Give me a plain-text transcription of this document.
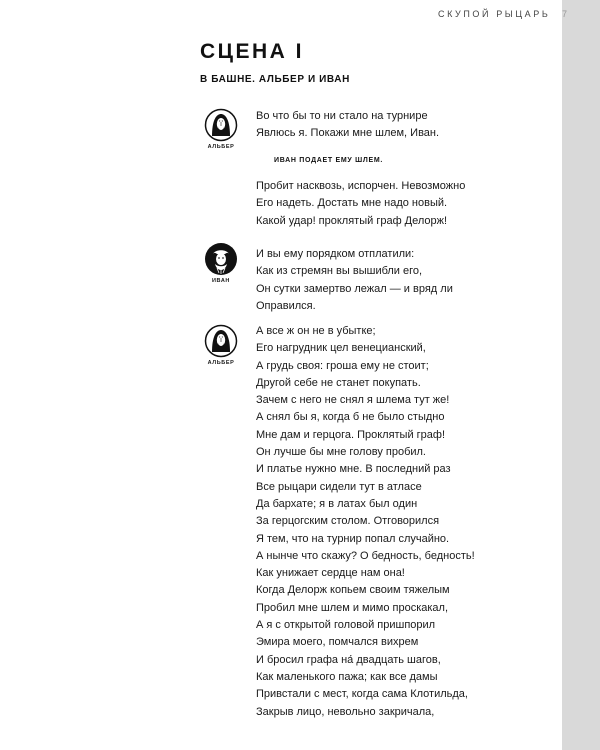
СКУПОЙ РЫЦАРЬ	7
СЦЕНА I
В БАШНЕ. АЛЬБЕР И ИВАН
АЛЬБЕР
Во что бы то ни стало на турнире
Явлюсь я. Покажи мне шлем, Иван.
ИВАН ПОДАЕТ ЕМУ ШЛЕМ.
Пробит насквозь, испорчен. Невозможно
Его надеть. Достать мне надо новый.
Какой удар! проклятый граф Делорж!
ИВАН
И вы ему порядком отплатили:
Как из стремян вы вышибли его,
Он сутки замертво лежал — и вряд ли
Оправился.
АЛЬБЕР
А все ж он не в убытке;
Его нагрудник цел венецианский,
А грудь своя: гроша ему не стоит;
Другой себе не станет покупать.
Зачем с него не снял я шлема тут же!
А снял бы я, когда б не было стыдно
Мне дам и герцога. Проклятый граф!
Он лучше бы мне голову пробил.
И платье нужно мне. В последний раз
Все рыцари сидели тут в атласе
Да бархате; я в латах был один
За герцогским столом. Отговорился
Я тем, что на турнир попал случайно.
А нынче что скажу? О бедность, бедность!
Как унижает сердце нам она!
Когда Делорж копьем своим тяжелым
Пробил мне шлем и мимо проскакал,
А я с открытой головой пришпорил
Эмира моего, помчался вихрем
И бросил графа на́ двадцать шагов,
Как маленького пажа; как все дамы
Привстали с мест, когда сама Клотильда,
Закрыв лицо, невольно закричала,
